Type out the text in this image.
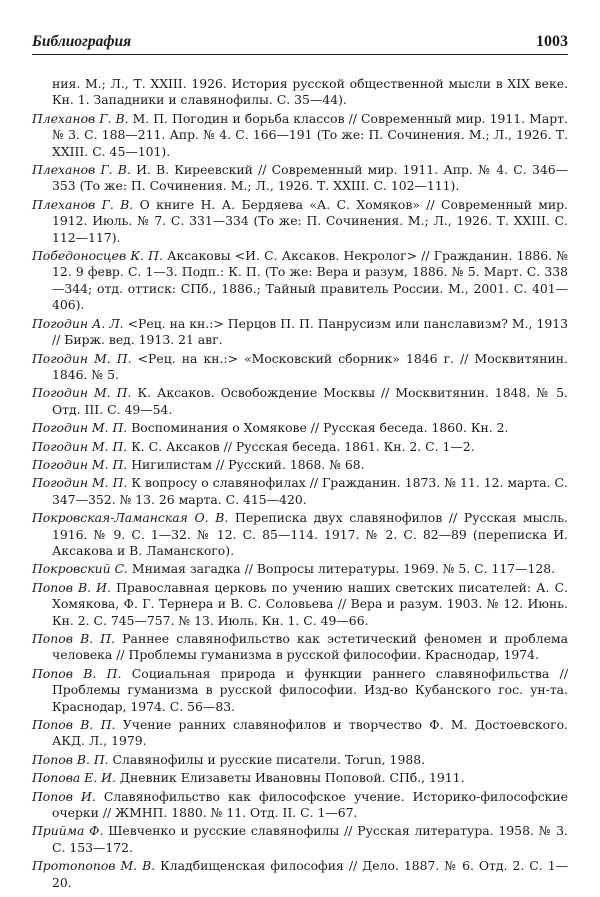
Библиография	1003

ния. М.; Л., Т. XXIII. 1926. История русской общественной мысли в XIX веке. Кн. 1. Западники и славянофилы. С. 35—44).

Плеханов Г. В. М. П. Погодин и борьба классов // Современный мир. 1911. Март. № 3. С. 188—211. Апр. № 4. С. 166—191 (То же: П. Сочинения. М.; Л., 1926. Т. XXIII. С. 45—101).

Плеханов Г. В. И. В. Киреевский // Современный мир. 1911. Апр. № 4. С. 346—353 (То же: П. Сочинения. М.; Л., 1926. Т. XXIII. С. 102—111).

Плеханов Г. В. О книге Н. А. Бердяева «А. С. Хомяков» // Современный мир. 1912. Июль. № 7. С. 331—334 (То же: П. Сочинения. М.; Л., 1926. Т. XXIII. С. 112—117).

Победоносцев К. П. Аксаковы <И. С. Аксаков. Некролог> // Гражданин. 1886. № 12. 9 февр. С. 1—3. Подп.: К. П. (То же: Вера и разум, 1886. № 5. Март. С. 338—344; отд. оттиск: СПб., 1886.; Тайный правитель России. М., 2001. С. 401—406).

Погодин А. Л. <Рец. на кн.:> Перцов П. П. Панрусизм или панславизм? М., 1913 // Бирж. вед. 1913. 21 авг.

Погодин М. П. <Рец. на кн.:> «Московский сборник» 1846 г. // Москвитянин. 1846. № 5.

Погодин М. П. К. Аксаков. Освобождение Москвы // Москвитянин. 1848. № 5. Отд. III. С. 49—54.

Погодин М. П. Воспоминания о Хомякове // Русская беседа. 1860. Кн. 2.

Погодин М. П. К. С. Аксаков // Русская беседа. 1861. Кн. 2. С. 1—2.

Погодин М. П. Нигилистам // Русский. 1868. № 68.

Погодин М. П. К вопросу о славянофилах // Гражданин. 1873. № 11. 12. марта. С. 347—352. № 13. 26 марта. С. 415—420.

Покровская-Ламанская О. В. Переписка двух славянофилов // Русская мысль. 1916. № 9. С. 1—32. № 12. С. 85—114. 1917. № 2. С. 82—89 (переписка И. Аксакова и В. Ламанского).

Покровский С. Мнимая загадка // Вопросы литературы. 1969. № 5. С. 117—128.

Попов В. И. Православная церковь по учению наших светских писателей: А. С. Хомякова, Ф. Г. Тернера и В. С. Соловьева // Вера и разум. 1903. № 12. Июнь. Кн. 2. С. 745—757. № 13. Июль. Кн. 1. С. 49—66.

Попов В. П. Раннее славянофильство как эстетический феномен и проблема человека // Проблемы гуманизма в русской философии. Краснодар, 1974.

Попов В. П. Социальная природа и функции раннего славянофильства // Проблемы гуманизма в русской философии. Изд-во Кубанского гос. ун-та. Краснодар, 1974. С. 56—83.

Попов В. П. Учение ранних славянофилов и творчество Ф. М. Достоевского. АКД. Л., 1979.

Попов В. П. Славянофилы и русские писатели. Torun, 1988.

Попова Е. И. Дневник Елизаветы Ивановны Поповой. СПб., 1911.

Попов И. Славянофильство как философское учение. Историко-философские очерки // ЖМНП. 1880. № 11. Отд. II. С. 1—67.

Прийма Ф. Шевченко и русские славянофилы // Русская литература. 1958. № 3. С. 153—172.

Протопопов М. В. Кладбищенская философия // Дело. 1887. № 6. Отд. 2. С. 1—20.
